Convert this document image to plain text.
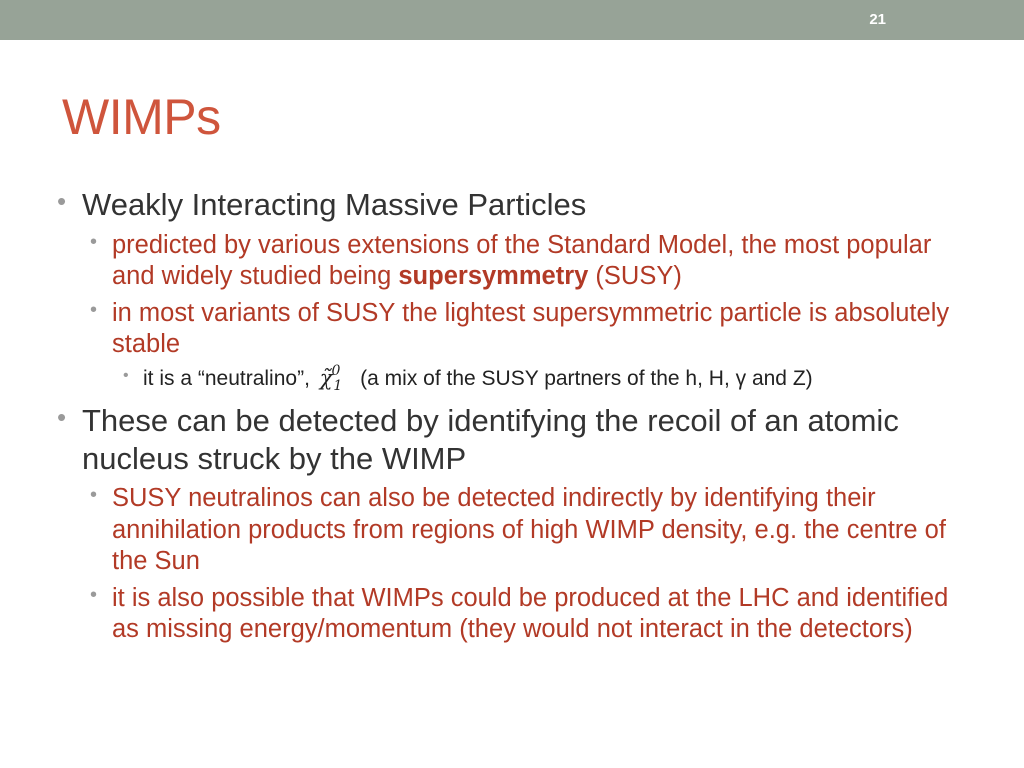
21
WIMPs
• Weakly Interacting Massive Particles
• predicted by various extensions of the Standard Model, the most popular and widely studied being supersymmetry (SUSY)
• in most variants of SUSY the lightest supersymmetric particle is absolutely stable
• it is a “neutralino”, χ̃$^0_1$ (a mix of the SUSY partners of the h, H, γ and Z)
• These can be detected by identifying the recoil of an atomic nucleus struck by the WIMP
• SUSY neutralinos can also be detected indirectly by identifying their annihilation products from regions of high WIMP density, e.g. the centre of the Sun
• it is also possible that WIMPs could be produced at the LHC and identified as missing energy/momentum (they would not interact in the detectors)
